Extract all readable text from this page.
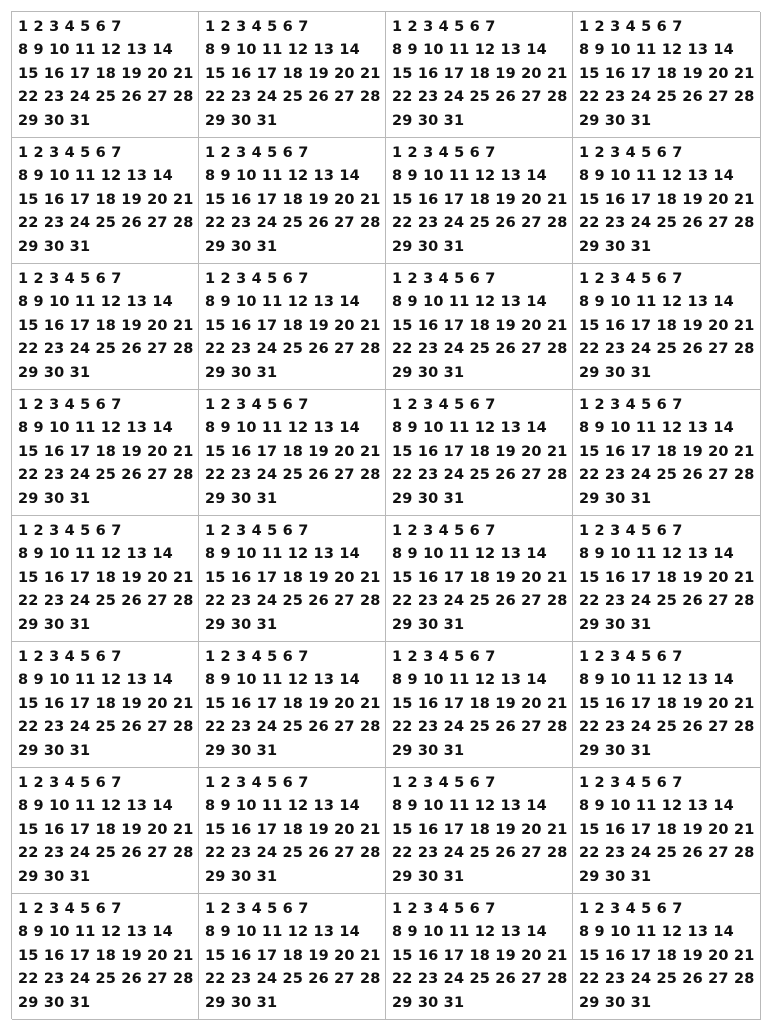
1 2 3 4 5 6 7
8 9 10 11 12 13 14
15 16 17 18 19 20 21
22 23 24 25 26 27 28
29 30 31
1 2 3 4 5 6 7
8 9 10 11 12 13 14
15 16 17 18 19 20 21
22 23 24 25 26 27 28
29 30 31
1 2 3 4 5 6 7
8 9 10 11 12 13 14
15 16 17 18 19 20 21
22 23 24 25 26 27 28
29 30 31
1 2 3 4 5 6 7
8 9 10 11 12 13 14
15 16 17 18 19 20 21
22 23 24 25 26 27 28
29 30 31
1 2 3 4 5 6 7
8 9 10 11 12 13 14
15 16 17 18 19 20 21
22 23 24 25 26 27 28
29 30 31
1 2 3 4 5 6 7
8 9 10 11 12 13 14
15 16 17 18 19 20 21
22 23 24 25 26 27 28
29 30 31
1 2 3 4 5 6 7
8 9 10 11 12 13 14
15 16 17 18 19 20 21
22 23 24 25 26 27 28
29 30 31
1 2 3 4 5 6 7
8 9 10 11 12 13 14
15 16 17 18 19 20 21
22 23 24 25 26 27 28
29 30 31
1 2 3 4 5 6 7
8 9 10 11 12 13 14
15 16 17 18 19 20 21
22 23 24 25 26 27 28
29 30 31
1 2 3 4 5 6 7
8 9 10 11 12 13 14
15 16 17 18 19 20 21
22 23 24 25 26 27 28
29 30 31
1 2 3 4 5 6 7
8 9 10 11 12 13 14
15 16 17 18 19 20 21
22 23 24 25 26 27 28
29 30 31
1 2 3 4 5 6 7
8 9 10 11 12 13 14
15 16 17 18 19 20 21
22 23 24 25 26 27 28
29 30 31
1 2 3 4 5 6 7
8 9 10 11 12 13 14
15 16 17 18 19 20 21
22 23 24 25 26 27 28
29 30 31
1 2 3 4 5 6 7
8 9 10 11 12 13 14
15 16 17 18 19 20 21
22 23 24 25 26 27 28
29 30 31
1 2 3 4 5 6 7
8 9 10 11 12 13 14
15 16 17 18 19 20 21
22 23 24 25 26 27 28
29 30 31
1 2 3 4 5 6 7
8 9 10 11 12 13 14
15 16 17 18 19 20 21
22 23 24 25 26 27 28
29 30 31
1 2 3 4 5 6 7
8 9 10 11 12 13 14
15 16 17 18 19 20 21
22 23 24 25 26 27 28
29 30 31
1 2 3 4 5 6 7
8 9 10 11 12 13 14
15 16 17 18 19 20 21
22 23 24 25 26 27 28
29 30 31
1 2 3 4 5 6 7
8 9 10 11 12 13 14
15 16 17 18 19 20 21
22 23 24 25 26 27 28
29 30 31
1 2 3 4 5 6 7
8 9 10 11 12 13 14
15 16 17 18 19 20 21
22 23 24 25 26 27 28
29 30 31
1 2 3 4 5 6 7
8 9 10 11 12 13 14
15 16 17 18 19 20 21
22 23 24 25 26 27 28
29 30 31
1 2 3 4 5 6 7
8 9 10 11 12 13 14
15 16 17 18 19 20 21
22 23 24 25 26 27 28
29 30 31
1 2 3 4 5 6 7
8 9 10 11 12 13 14
15 16 17 18 19 20 21
22 23 24 25 26 27 28
29 30 31
1 2 3 4 5 6 7
8 9 10 11 12 13 14
15 16 17 18 19 20 21
22 23 24 25 26 27 28
29 30 31
1 2 3 4 5 6 7
8 9 10 11 12 13 14
15 16 17 18 19 20 21
22 23 24 25 26 27 28
29 30 31
1 2 3 4 5 6 7
8 9 10 11 12 13 14
15 16 17 18 19 20 21
22 23 24 25 26 27 28
29 30 31
1 2 3 4 5 6 7
8 9 10 11 12 13 14
15 16 17 18 19 20 21
22 23 24 25 26 27 28
29 30 31
1 2 3 4 5 6 7
8 9 10 11 12 13 14
15 16 17 18 19 20 21
22 23 24 25 26 27 28
29 30 31
1 2 3 4 5 6 7
8 9 10 11 12 13 14
15 16 17 18 19 20 21
22 23 24 25 26 27 28
29 30 31
1 2 3 4 5 6 7
8 9 10 11 12 13 14
15 16 17 18 19 20 21
22 23 24 25 26 27 28
29 30 31
1 2 3 4 5 6 7
8 9 10 11 12 13 14
15 16 17 18 19 20 21
22 23 24 25 26 27 28
29 30 31
1 2 3 4 5 6 7
8 9 10 11 12 13 14
15 16 17 18 19 20 21
22 23 24 25 26 27 28
29 30 31
